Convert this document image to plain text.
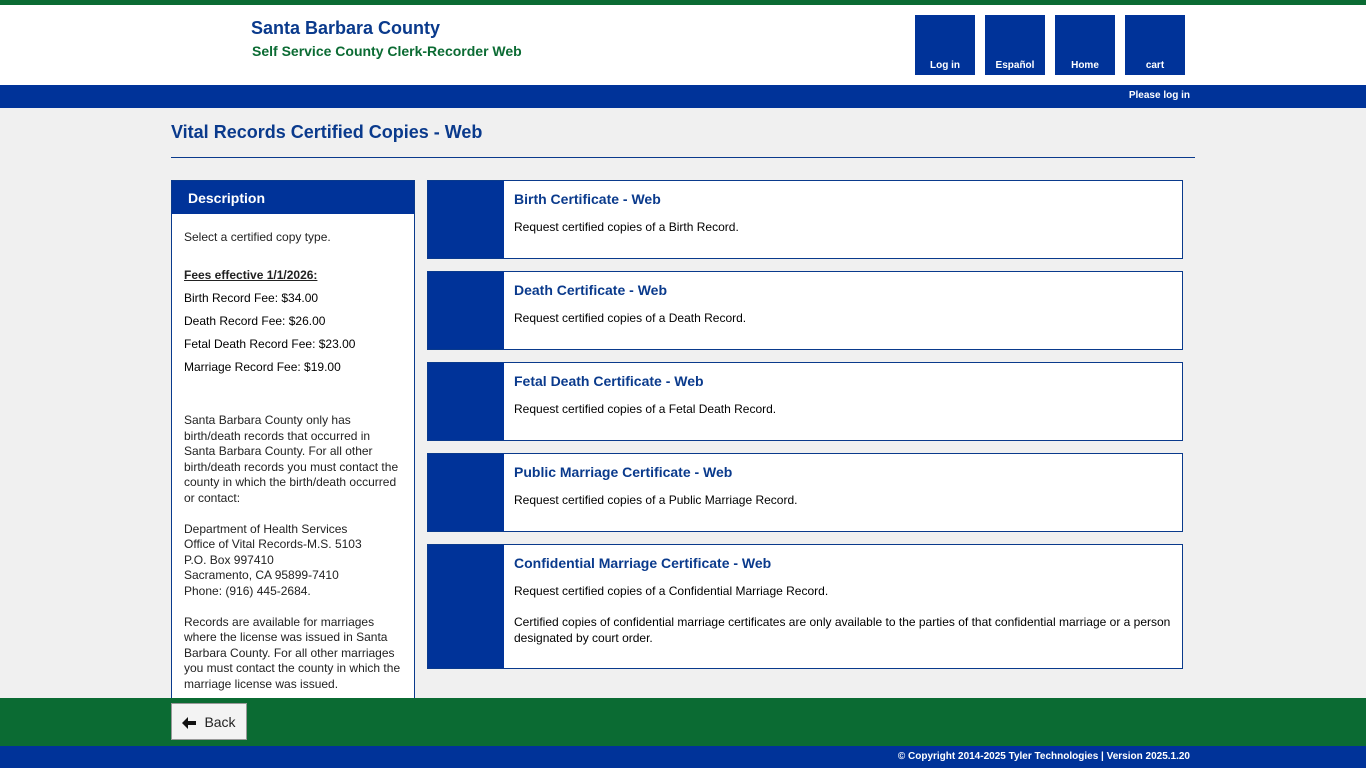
Santa Barbara County
Self Service County Clerk-Recorder Web
Log in	Español	Home	cart
Please log in
Vital Records Certified Copies - Web
Description
Select a certified copy type.
Fees effective 1/1/2026:
Birth Record Fee: $34.00
Death Record Fee: $26.00
Fetal Death Record Fee: $23.00
Marriage Record Fee: $19.00
Santa Barbara County only has birth/death records that occurred in Santa Barbara County. For all other birth/death records you must contact the county in which the birth/death occurred or contact:
Department of Health Services
Office of Vital Records-M.S. 5103
P.O. Box 997410
Sacramento, CA 95899-7410
Phone: (916) 445-2684.
Records are available for marriages where the license was issued in Santa Barbara County. For all other marriages you must contact the county in which the marriage license was issued.
Birth Certificate - Web
Request certified copies of a Birth Record.
Death Certificate - Web
Request certified copies of a Death Record.
Fetal Death Certificate - Web
Request certified copies of a Fetal Death Record.
Public Marriage Certificate - Web
Request certified copies of a Public Marriage Record.
Confidential Marriage Certificate - Web
Request certified copies of a Confidential Marriage Record.
Certified copies of confidential marriage certificates are only available to the parties of that confidential marriage or a person designated by court order.
Back
© Copyright 2014-2025 Tyler Technologies | Version 2025.1.20
